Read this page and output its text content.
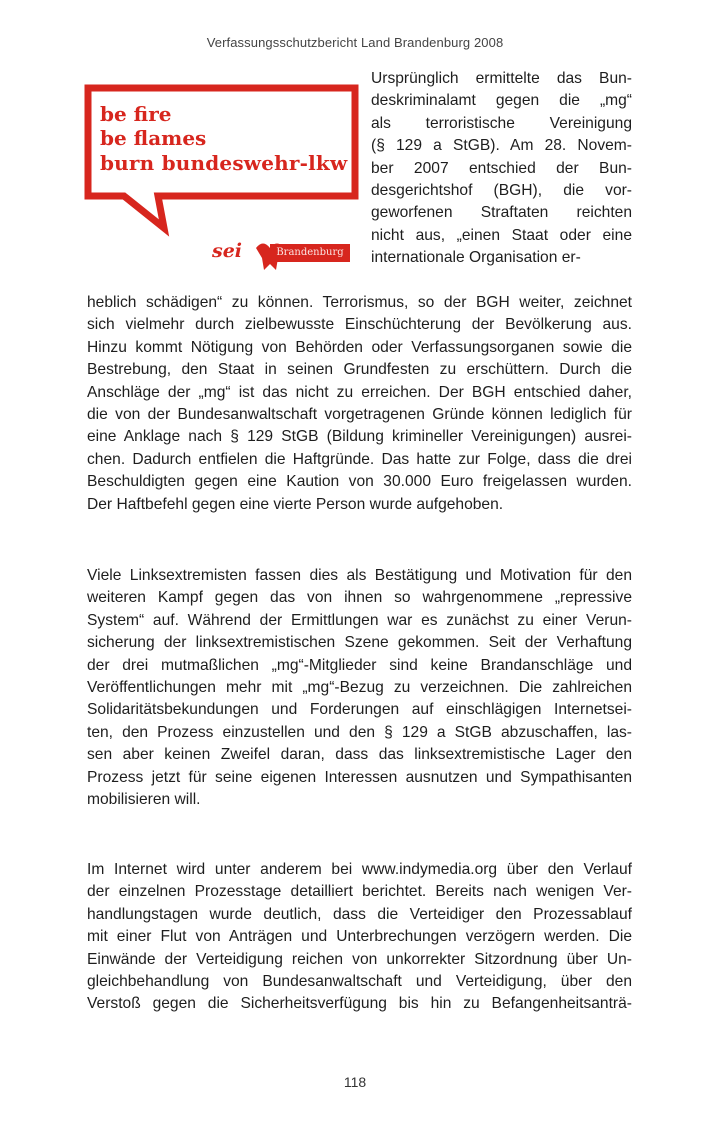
Verfassungsschutzbericht Land Brandenburg 2008
be fire
be flames
burn bundeswehr-lkw
sei	Brandenburg
Ursprünglich ermittelte das Bun-
deskriminalamt gegen die „mg“
als terroristische Vereinigung
(§ 129 a StGB). Am 28. Novem-
ber 2007 entschied der Bun-
desgerichtshof (BGH), die vor-
geworfenen Straftaten reichten
nicht aus, „einen Staat oder eine
internationale Organisation er-
heblich schädigen“ zu können. Terrorismus, so der BGH weiter, zeichnet
sich vielmehr durch zielbewusste Einschüchterung der Bevölkerung aus.
Hinzu kommt Nötigung von Behörden oder Verfassungsorganen sowie die
Bestrebung, den Staat in seinen Grundfesten zu erschüttern. Durch die
Anschläge der „mg“ ist das nicht zu erreichen. Der BGH entschied daher,
die von der Bundesanwaltschaft vorgetragenen Gründe können lediglich für
eine Anklage nach § 129 StGB (Bildung krimineller Vereinigungen) ausrei-
chen. Dadurch entfielen die Haftgründe. Das hatte zur Folge, dass die drei
Beschuldigten gegen eine Kaution von 30.000 Euro freigelassen wurden.
Der Haftbefehl gegen eine vierte Person wurde aufgehoben.
Viele Linksextremisten fassen dies als Bestätigung und Motivation für den
weiteren Kampf gegen das von ihnen so wahrgenommene „repressive
System“ auf. Während der Ermittlungen war es zunächst zu einer Verun-
sicherung der linksextremistischen Szene gekommen. Seit der Verhaftung
der drei mutmaßlichen „mg“-Mitglieder sind keine Brandanschläge und
Veröffentlichungen mehr mit „mg“-Bezug zu verzeichnen. Die zahlreichen
Solidaritätsbekundungen und Forderungen auf einschlägigen Internetsei-
ten, den Prozess einzustellen und den § 129 a StGB abzuschaffen, las-
sen aber keinen Zweifel daran, dass das linksextremistische Lager den
Prozess jetzt für seine eigenen Interessen ausnutzen und Sympathisanten
mobilisieren will.
Im Internet wird unter anderem bei www.indymedia.org über den Verlauf
der einzelnen Prozesstage detailliert berichtet. Bereits nach wenigen Ver-
handlungstagen wurde deutlich, dass die Verteidiger den Prozessablauf
mit einer Flut von Anträgen und Unterbrechungen verzögern werden. Die
Einwände der Verteidigung reichen von unkorrekter Sitzordnung über Un-
gleichbehandlung von Bundesanwaltschaft und Verteidigung, über den
Verstoß gegen die Sicherheitsverfügung bis hin zu Befangenheitsanträ-
118
